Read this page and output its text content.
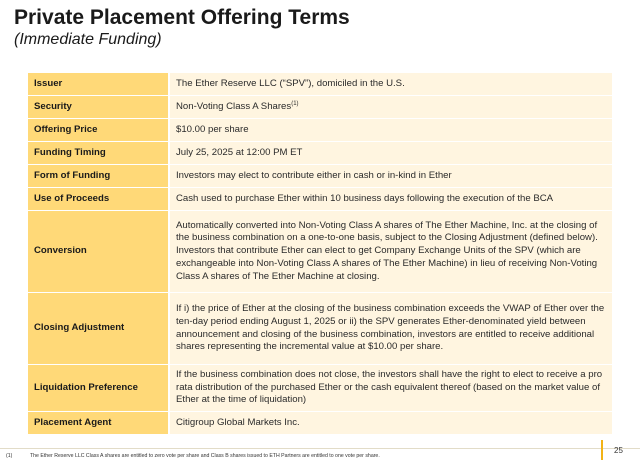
Private Placement Offering Terms
(Immediate Funding)
Issuer	The Ether Reserve LLC (“SPV”), domiciled in the U.S.
Security	Non-Voting Class A Shares$^{(1)}$
Offering Price	$10.00 per share
Funding Timing	July 25, 2025 at 12:00 PM ET
Form of Funding	Investors may elect to contribute either in cash or in-kind in Ether
Use of Proceeds	Cash used to purchase Ether within 10 business days following the execution of the BCA
Conversion	Automatically converted into Non-Voting Class A shares of The Ether Machine, Inc. at the closing of the business combination on a one-to-one basis, subject to the Closing Adjustment (defined below). Investors that contribute Ether can elect to get Company Exchange Units of the SPV (which are exchangeable into Non-Voting Class A shares of The Ether Machine) in lieu of receiving Non-Voting Class A shares of The Ether Machine at closing.
Closing Adjustment	If i) the price of Ether at the closing of the business combination exceeds the VWAP of Ether over the ten-day period ending August 1, 2025 or ii) the SPV generates Ether-denominated yield between announcement and closing of the business combination, investors are entitled to receive additional shares representing the incremental value at $10.00 per share.
Liquidation Preference	If the business combination does not close, the investors shall have the right to elect to receive a pro rata distribution of the purchased Ether or the cash equivalent thereof (based on the market value of Ether at the time of liquidation)
Placement Agent	Citigroup Global Markets Inc.
(1)	The Ether Reserve LLC Class A shares are entitled to zero vote per share and Class B shares issued to ETH Partners are entitled to one vote per share.
25
